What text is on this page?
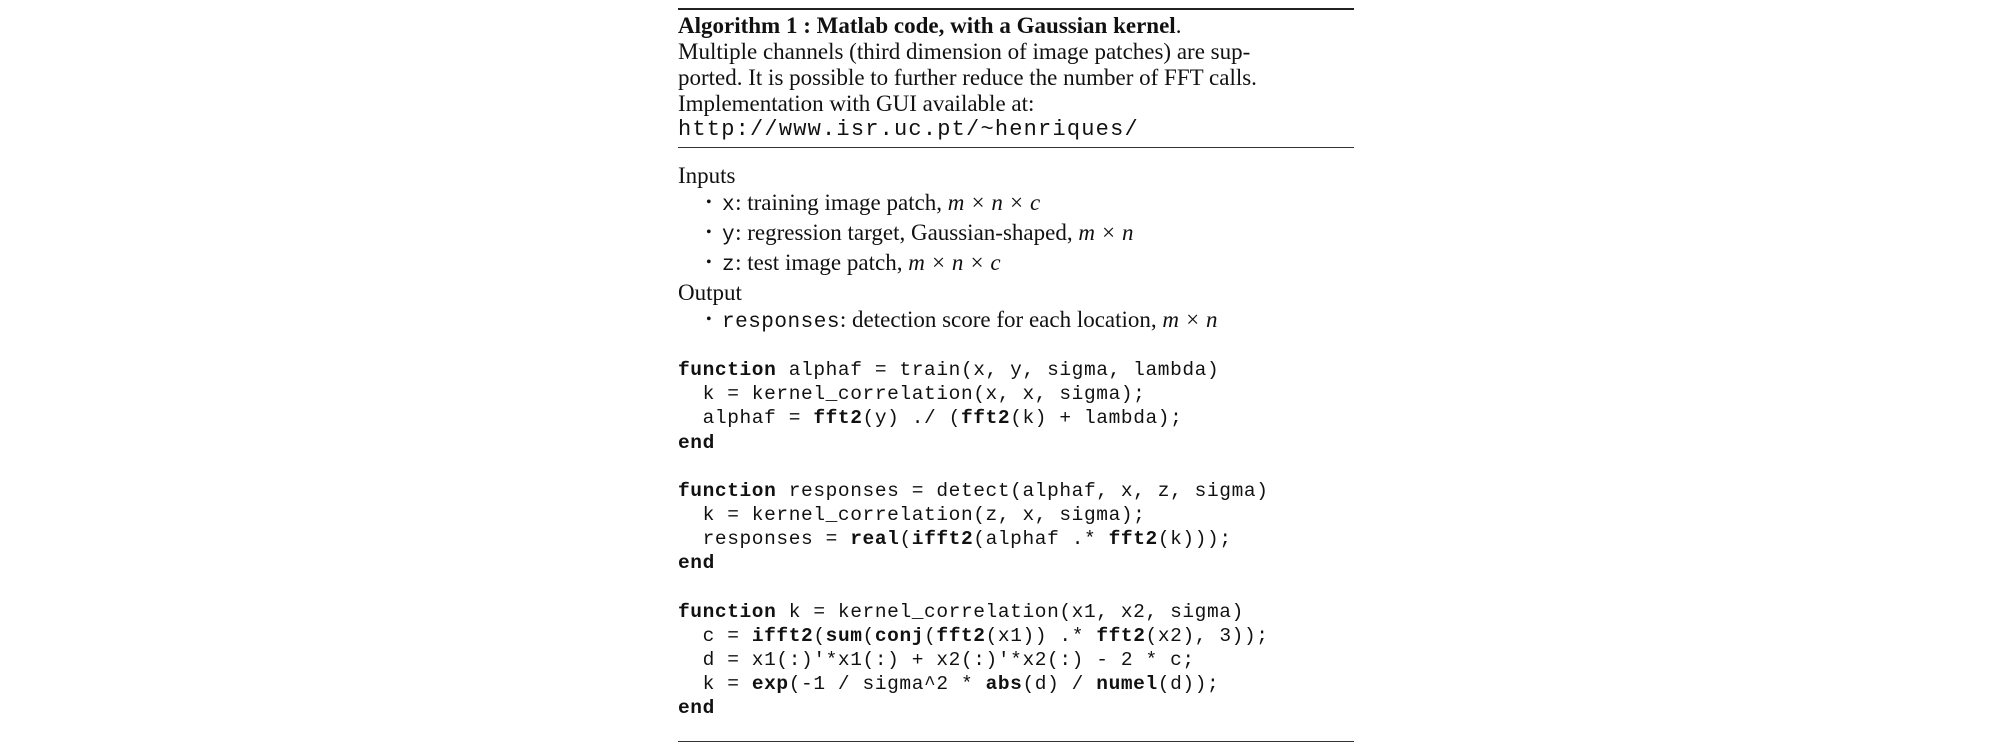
Algorithm 1 : Matlab code, with a Gaussian kernel.
Multiple channels (third dimension of image patches) are sup-
ported. It is possible to further reduce the number of FFT calls.
Implementation with GUI available at:
http://www.isr.uc.pt/~henriques/
Inputs
• x: training image patch, m × n × c
• y: regression target, Gaussian-shaped, m × n
• z: test image patch, m × n × c
Output
• responses: detection score for each location, m × n
function alphaf = train(x, y, sigma, lambda)
k = kernel_correlation(x, x, sigma);
alphaf = fft2(y) ./ (fft2(k) + lambda);
end
function responses = detect(alphaf, x, z, sigma)
k = kernel_correlation(z, x, sigma);
responses = real(ifft2(alphaf .* fft2(k)));
end
function k = kernel_correlation(x1, x2, sigma)
c = ifft2(sum(conj(fft2(x1)) .* fft2(x2), 3));
d = x1(:)'*x1(:) + x2(:)'*x2(:) - 2 * c;
k = exp(-1 / sigma^2 * abs(d) / numel(d));
end
